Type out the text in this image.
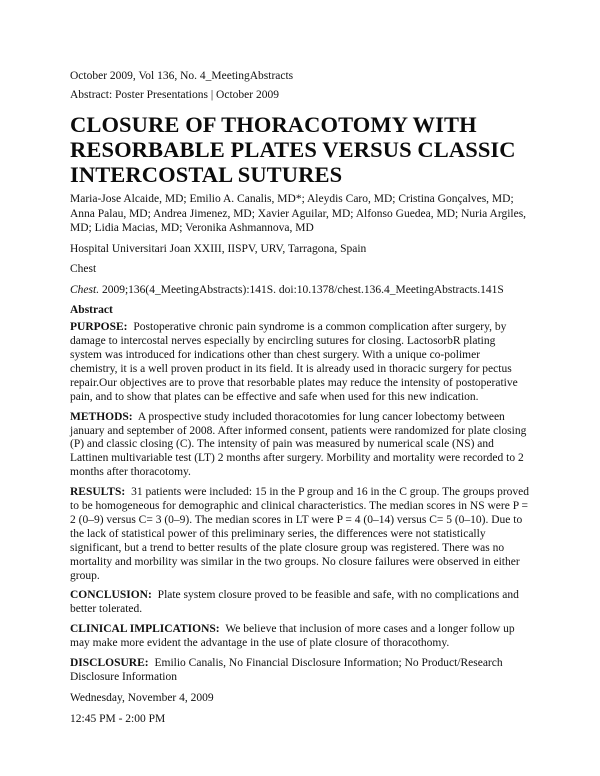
October 2009, Vol 136, No. 4_MeetingAbstracts

Abstract: Poster Presentations | October 2009

CLOSURE OF THORACOTOMY WITH RESORBABLE PLATES VERSUS CLASSIC INTERCOSTAL SUTURES

Maria-Jose Alcaide, MD; Emilio A. Canalis, MD*; Aleydis Caro, MD; Cristina Gonçalves, MD; Anna Palau, MD; Andrea Jimenez, MD; Xavier Aguilar, MD; Alfonso Guedea, MD; Nuria Argiles, MD; Lidia Macias, MD; Veronika Ashmannova, MD

Hospital Universitari Joan XXIII, IISPV, URV, Tarragona, Spain

Chest

Chest. 2009;136(4_MeetingAbstracts):141S. doi:10.1378/chest.136.4_MeetingAbstracts.141S

Abstract

PURPOSE: Postoperative chronic pain syndrome is a common complication after surgery, by damage to intercostal nerves especially by encircling sutures for closing. LactosorbR plating system was introduced for indications other than chest surgery. With a unique co-polimer chemistry, it is a well proven product in its field. It is already used in thoracic surgery for pectus repair.Our objectives are to prove that resorbable plates may reduce the intensity of postoperative pain, and to show that plates can be effective and safe when used for this new indication.

METHODS: A prospective study included thoracotomies for lung cancer lobectomy between january and september of 2008. After informed consent, patients were randomized for plate closing (P) and classic closing (C). The intensity of pain was measured by numerical scale (NS) and Lattinen multivariable test (LT) 2 months after surgery. Morbility and mortality were recorded to 2 months after thoracotomy.

RESULTS: 31 patients were included: 15 in the P group and 16 in the C group. The groups proved to be homogeneous for demographic and clinical characteristics. The median scores in NS were P = 2 (0–9) versus C= 3 (0–9). The median scores in LT were P = 4 (0–14) versus C= 5 (0–10). Due to the lack of statistical power of this preliminary series, the differences were not statistically significant, but a trend to better results of the plate closure group was registered. There was no mortality and morbility was similar in the two groups. No closure failures were observed in either group.

CONCLUSION: Plate system closure proved to be feasible and safe, with no complications and better tolerated.

CLINICAL IMPLICATIONS: We believe that inclusion of more cases and a longer follow up may make more evident the advantage in the use of plate closure of thoracothomy.

DISCLOSURE: Emilio Canalis, No Financial Disclosure Information; No Product/Research Disclosure Information

Wednesday, November 4, 2009

12:45 PM - 2:00 PM
